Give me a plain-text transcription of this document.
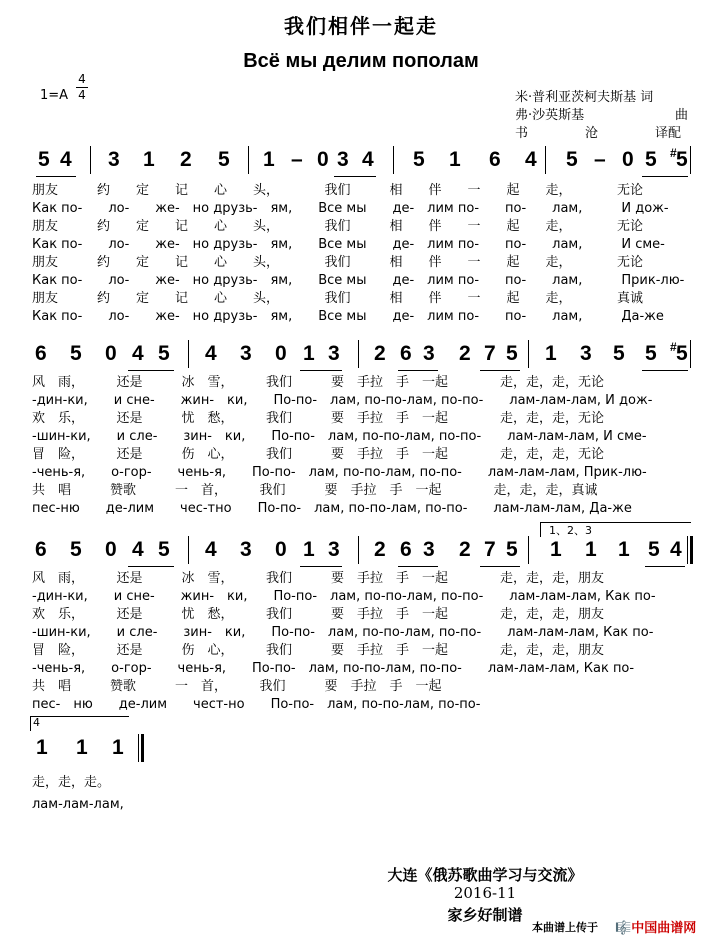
我们相伴一起走
Всё мы делим пополам
1=A
4
4	米·普利亚茨柯夫斯基 词
弗·沙英斯基	曲
书	沧	译配
5 4 3 1 2 5 1 – 0 3 4 5 1 6 4 5 – 0 5 # 5
朋友　　　约　　定　　记　　心　　头，　　　　我们　　　相　　伴　　一　　起　　走，　　　　无论
Как по-　　ло-　　же-　но друзь-　ям,　　Все мы　　де-　лим по-　　по-　　лам,　　　И дож-
朋友　　　约　　定　　记　　心　　头，　　　　我们　　　相　　伴　　一　　起　　走，　　　　无论
Как по-　　ло-　　же-　но друзь-　ям,　　Все мы　　де-　лим по-　　по-　　лам,　　　И сме-
朋友　　　约　　定　　记　　心　　头，　　　　我们　　　相　　伴　　一　　起　　走，　　　　无论
Как по-　　ло-　　же-　но друзь-　ям,　　Все мы　　де-　лим по-　　по-　　лам,　　　Прик-лю-
朋友　　　约　　定　　记　　心　　头，　　　　我们　　　相　　伴　　一　　起　　走，　　　　真诚
Как по-　　ло-　　же-　но друзь-　ям,　　Все мы　　де-　лим по-　　по-　　лам,　　　Да-же
6 5 0 4 5 4 3 0 1 3 2 6 3 2 7 5 1 3 5 5 # 5
风　雨，　　　还是　　　冰　雪，　　　我们　　　要　手拉　手　一起　　　　走，走，走，无论
-дин-ки,　　и сне-　　жин-　ки,　　По-по-　лам, по-по-лам, по-по-　　лам-лам-лам, И дож-
欢　乐，　　　还是　　　忧　愁，　　　我们　　　要　手拉　手　一起　　　　走，走，走，无论
-шин-ки,　　и сле-　　зин-　ки,　　По-по-　лам, по-по-лам, по-по-　　лам-лам-лам, И сме-
冒　险，　　　还是　　　伤　心，　　　我们　　　要　手拉　手　一起　　　　走，走，走，无论
-чень-я,　　о-гор-　　чень-я,　　По-по-　лам, по-по-лам, по-по-　　лам-лам-лам, Прик-лю-
共　唱　　　赞歌　　　一　首，　　　我们　　　要　手拉　手　一起　　　　走，走，走，真诚
пес-ню　　де-лим　　чес-тно　　По-по-　лам, по-по-лам, по-по-　　лам-лам-лам, Да-же
1、2、3
6 5 0 4 5 4 3 0 1 3 2 6 3 2 7 5 1 1 1 5 4
风　雨，　　　还是　　　冰　雪，　　　我们　　　要　手拉　手　一起　　　　走，走，走，朋友
-дин-ки,　　и сне-　　жин-　ки,　　По-по-　лам, по-по-лам, по-по-　　лам-лам-лам, Как по-
欢　乐，　　　还是　　　忧　愁，　　　我们　　　要　手拉　手　一起　　　　走，走，走，朋友
-шин-ки,　　и сле-　　зин-　ки,　　По-по-　лам, по-по-лам, по-по-　　лам-лам-лам, Как по-
冒　险，　　　还是　　　伤　心，　　　我们　　　要　手拉　手　一起　　　　走，走，走，朋友
-чень-я,　　о-гор-　　чень-я,　　По-по-　лам, по-по-лам, по-по-　　лам-лам-лам, Как по-
共　唱　　　赞歌　　　一　首，　　　我们　　　要　手拉　手　一起
пес-　ню　　де-лим　　чест-но　　По-по-　лам, по-по-лам, по-по-
4
1 1 1
走，走，走。
лам-лам-лам,
大连《俄苏歌曲学习与交流》
2016-11
家乡好制谱
本曲谱上传于 🎼中国曲谱网
